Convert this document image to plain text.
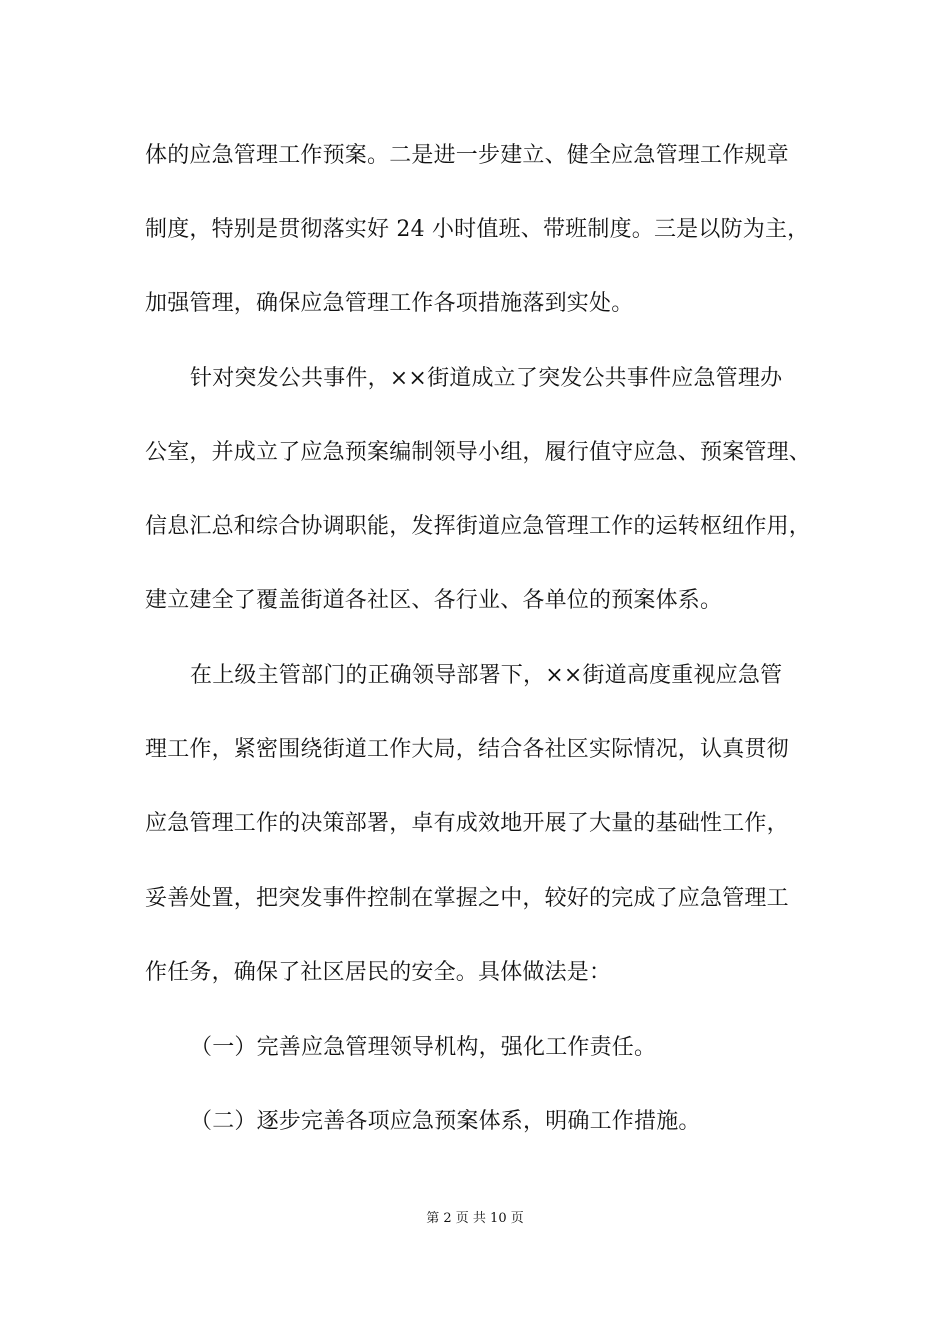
体的应急管理工作预案。二是进一步建立、健全应急管理工作规章
制度，特别是贯彻落实好 24 小时值班、带班制度。三是以防为主，
加强管理，确保应急管理工作各项措施落到实处。
针对突发公共事件，××街道成立了突发公共事件应急管理办
公室，并成立了应急预案编制领导小组，履行值守应急、预案管理、
信息汇总和综合协调职能，发挥街道应急管理工作的运转枢纽作用，
建立建全了覆盖街道各社区、各行业、各单位的预案体系。
在上级主管部门的正确领导部署下，××街道高度重视应急管
理工作，紧密围绕街道工作大局，结合各社区实际情况，认真贯彻
应急管理工作的决策部署，卓有成效地开展了大量的基础性工作，
妥善处置，把突发事件控制在掌握之中，较好的完成了应急管理工
作任务，确保了社区居民的安全。具体做法是：
（一）完善应急管理领导机构，强化工作责任。
（二）逐步完善各项应急预案体系，明确工作措施。
第 2 页 共 10 页
